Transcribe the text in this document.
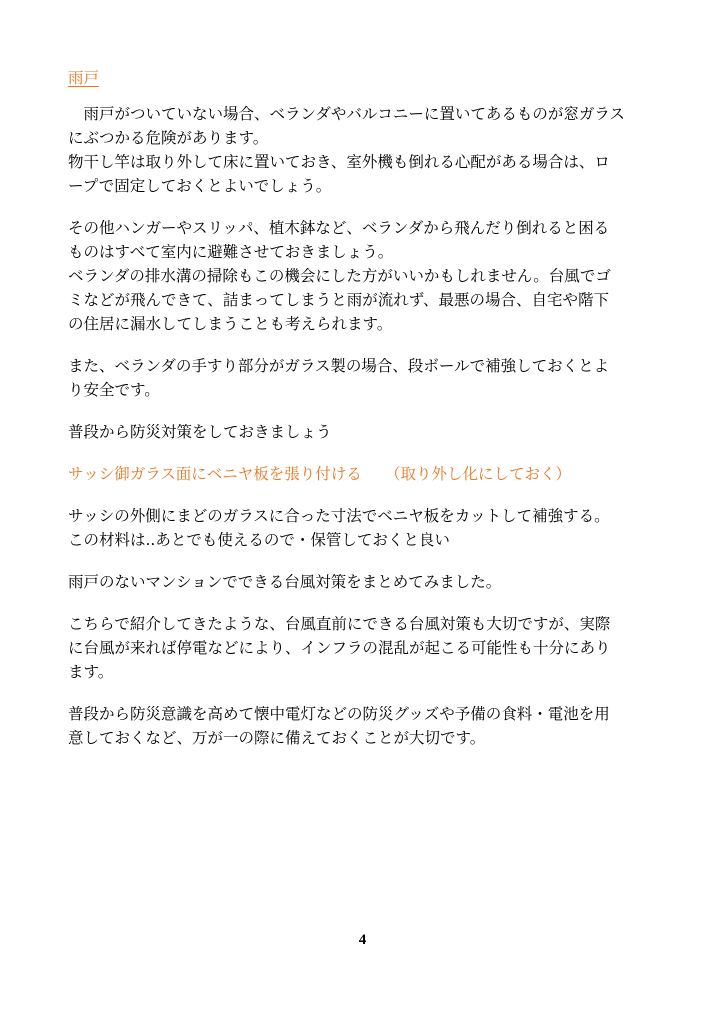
雨戸

　雨戸がついていない場合、ベランダやバルコニーに置いてあるものが窓ガラス
にぶつかる危険があります。
物干し竿は取り外して床に置いておき、室外機も倒れる心配がある場合は、ロ
ープで固定しておくとよいでしょう。

その他ハンガーやスリッパ、植木鉢など、ベランダから飛んだり倒れると困る
ものはすべて室内に避難させておきましょう。
ベランダの排水溝の掃除もこの機会にした方がいいかもしれません。台風でゴ
ミなどが飛んできて、詰まってしまうと雨が流れず、最悪の場合、自宅や階下
の住居に漏水してしまうことも考えられます。

また、ベランダの手すり部分がガラス製の場合、段ボールで補強しておくとよ
り安全です。

普段から防災対策をしておきましょう

サッシ御ガラス面にベニヤ板を張り付ける　　（取り外し化にしておく）

サッシの外側にまどのガラスに合った寸法でベニヤ板をカットして補強する。
この材料は..あとでも使えるので・保管しておくと良い

雨戸のないマンションでできる台風対策をまとめてみました。

こちらで紹介してきたような、台風直前にできる台風対策も大切ですが、実際
に台風が来れば停電などにより、インフラの混乱が起こる可能性も十分にあり
ます。

普段から防災意識を高めて懐中電灯などの防災グッズや予備の食料・電池を用
意しておくなど、万が一の際に備えておくことが大切です。

4
